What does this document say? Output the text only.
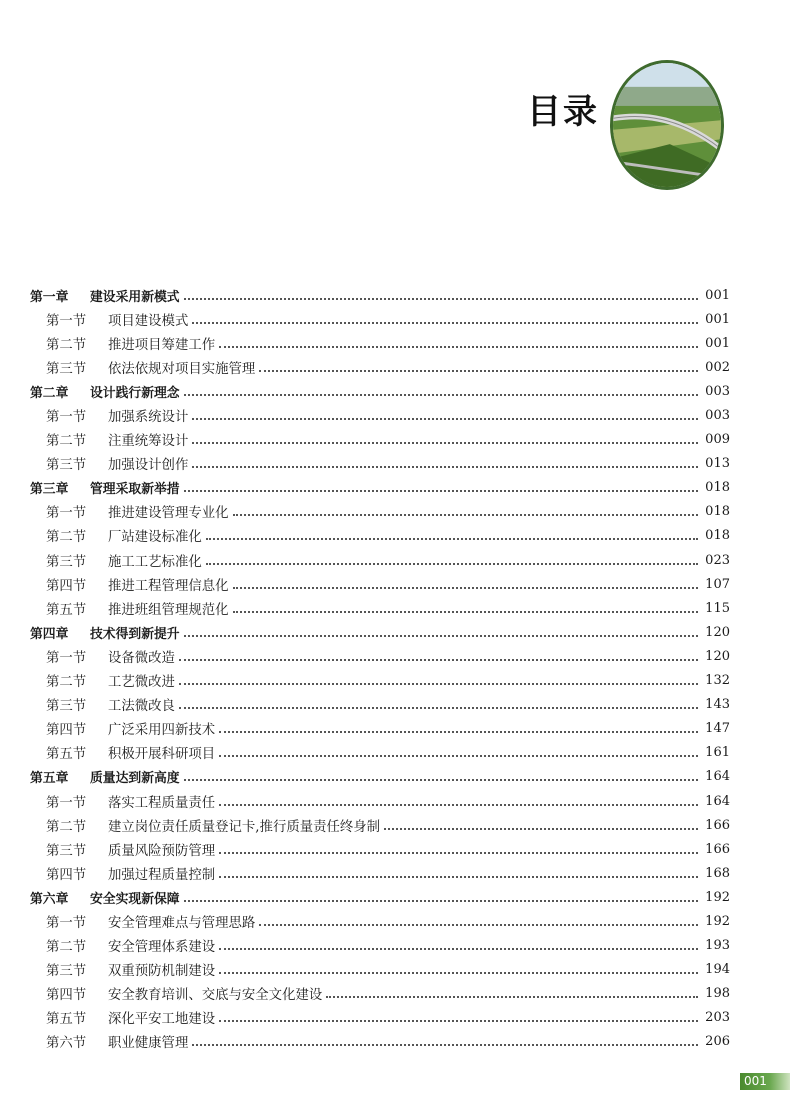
目录
第一章	建设采用新模式	001
第一节	项目建设模式	001
第二节	推进项目筹建工作	001
第三节	依法依规对项目实施管理	002
第二章	设计践行新理念	003
第一节	加强系统设计	003
第二节	注重统筹设计	009
第三节	加强设计创作	013
第三章	管理采取新举措	018
第一节	推进建设管理专业化	018
第二节	厂站建设标准化	018
第三节	施工工艺标准化	023
第四节	推进工程管理信息化	107
第五节	推进班组管理规范化	115
第四章	技术得到新提升	120
第一节	设备微改造	120
第二节	工艺微改进	132
第三节	工法微改良	143
第四节	广泛采用四新技术	147
第五节	积极开展科研项目	161
第五章	质量达到新高度	164
第一节	落实工程质量责任	164
第二节	建立岗位责任质量登记卡,推行质量责任终身制	166
第三节	质量风险预防管理	166
第四节	加强过程质量控制	168
第六章	安全实现新保障	192
第一节	安全管理难点与管理思路	192
第二节	安全管理体系建设	193
第三节	双重预防机制建设	194
第四节	安全教育培训、交底与安全文化建设	198
第五节	深化平安工地建设	203
第六节	职业健康管理	206
001
